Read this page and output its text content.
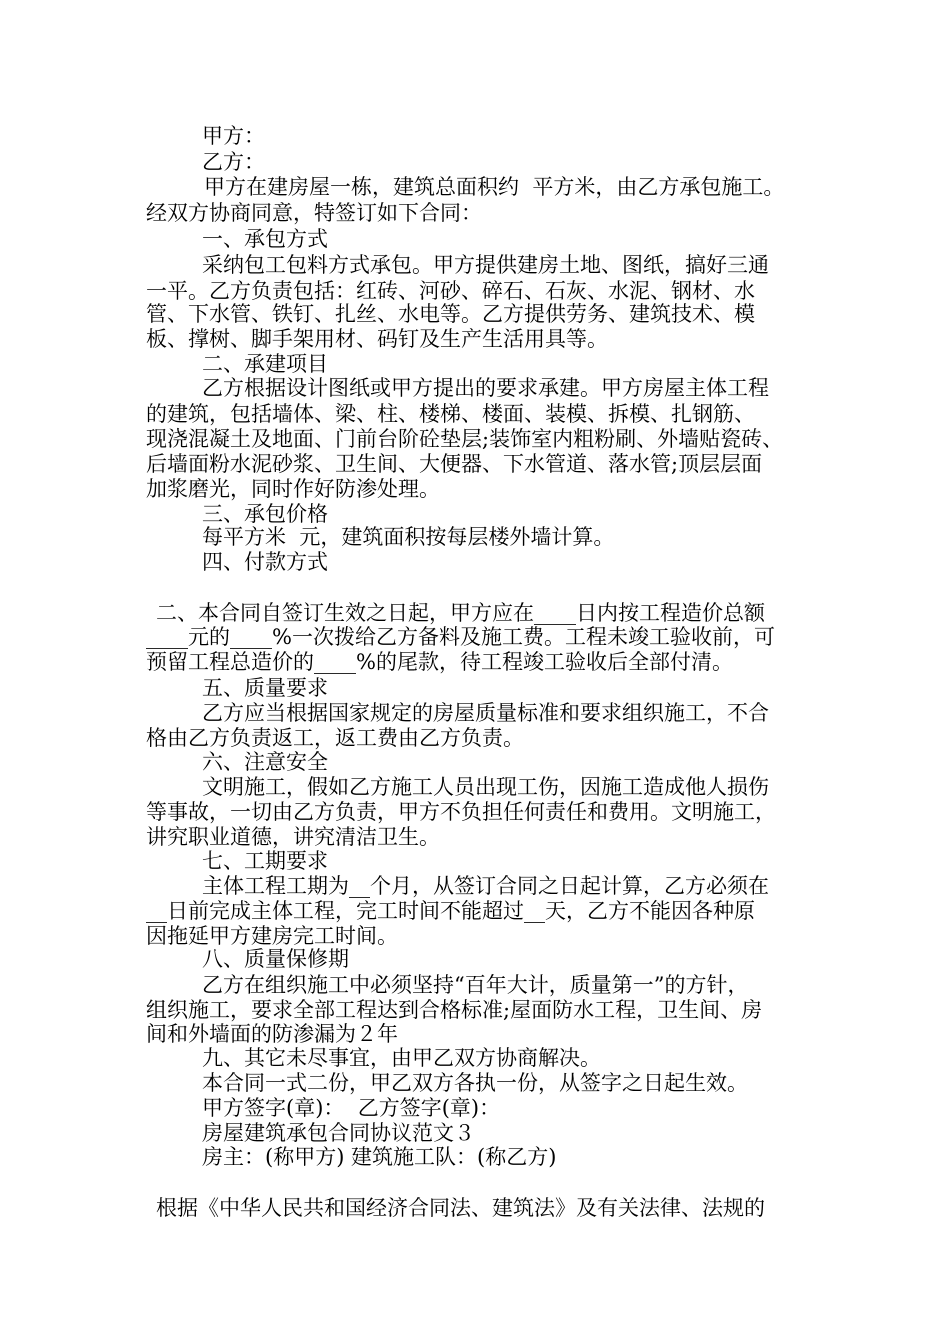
甲方：
乙方：
甲方在建房屋一栋，建筑总面积约  平方米，由乙方承包施工。
经双方协商同意，特签订如下合同：
一、承包方式
采纳包工包料方式承包。甲方提供建房土地、图纸，搞好三通
一平。乙方负责包括：红砖、河砂、碎石、石灰、水泥、钢材、水
管、下水管、铁钉、扎丝、水电等。乙方提供劳务、建筑技术、模
板、撑树、脚手架用材、码钉及生产生活用具等。
二、承建项目
乙方根据设计图纸或甲方提出的要求承建。甲方房屋主体工程
的建筑，包括墙体、梁、柱、楼梯、楼面、装模、拆模、扎钢筋、
现浇混凝土及地面、门前台阶砼垫层;装饰室内粗粉刷、外墙贴瓷砖、
后墙面粉水泥砂浆、卫生间、大便器、下水管道、落水管;顶层层面
加浆磨光，同时作好防渗处理。
三、承包价格
每平方米  元，建筑面积按每层楼外墙计算。
四、付款方式
二、本合同自签订生效之日起，甲方应在____日内按工程造价总额
____元的____%一次拨给乙方备料及施工费。工程未竣工验收前，可
预留工程总造价的____%的尾款，待工程竣工验收后全部付清。
五、质量要求
乙方应当根据国家规定的房屋质量标准和要求组织施工，不合
格由乙方负责返工，返工费由乙方负责。
六、注意安全
文明施工，假如乙方施工人员出现工伤，因施工造成他人损伤
等事故，一切由乙方负责，甲方不负担任何责任和费用。文明施工，
讲究职业道德，讲究清洁卫生。
七、工期要求
主体工程工期为__个月，从签订合同之日起计算，乙方必须在
__日前完成主体工程，完工时间不能超过__天，乙方不能因各种原
因拖延甲方建房完工时间。
八、质量保修期
乙方在组织施工中必须坚持“百年大计，质量第一”的方针，
组织施工，要求全部工程达到合格标准;屋面防水工程，卫生间、房
间和外墙面的防渗漏为２年
九、其它未尽事宜，由甲乙双方协商解决。
本合同一式二份，甲乙双方各执一份，从签字之日起生效。
甲方签字(章)：  乙方签字(章)：
房屋建筑承包合同协议范文３
房主：(称甲方) 建筑施工队：(称乙方)
根据《中华人民共和国经济合同法、建筑法》及有关法律、法规的
